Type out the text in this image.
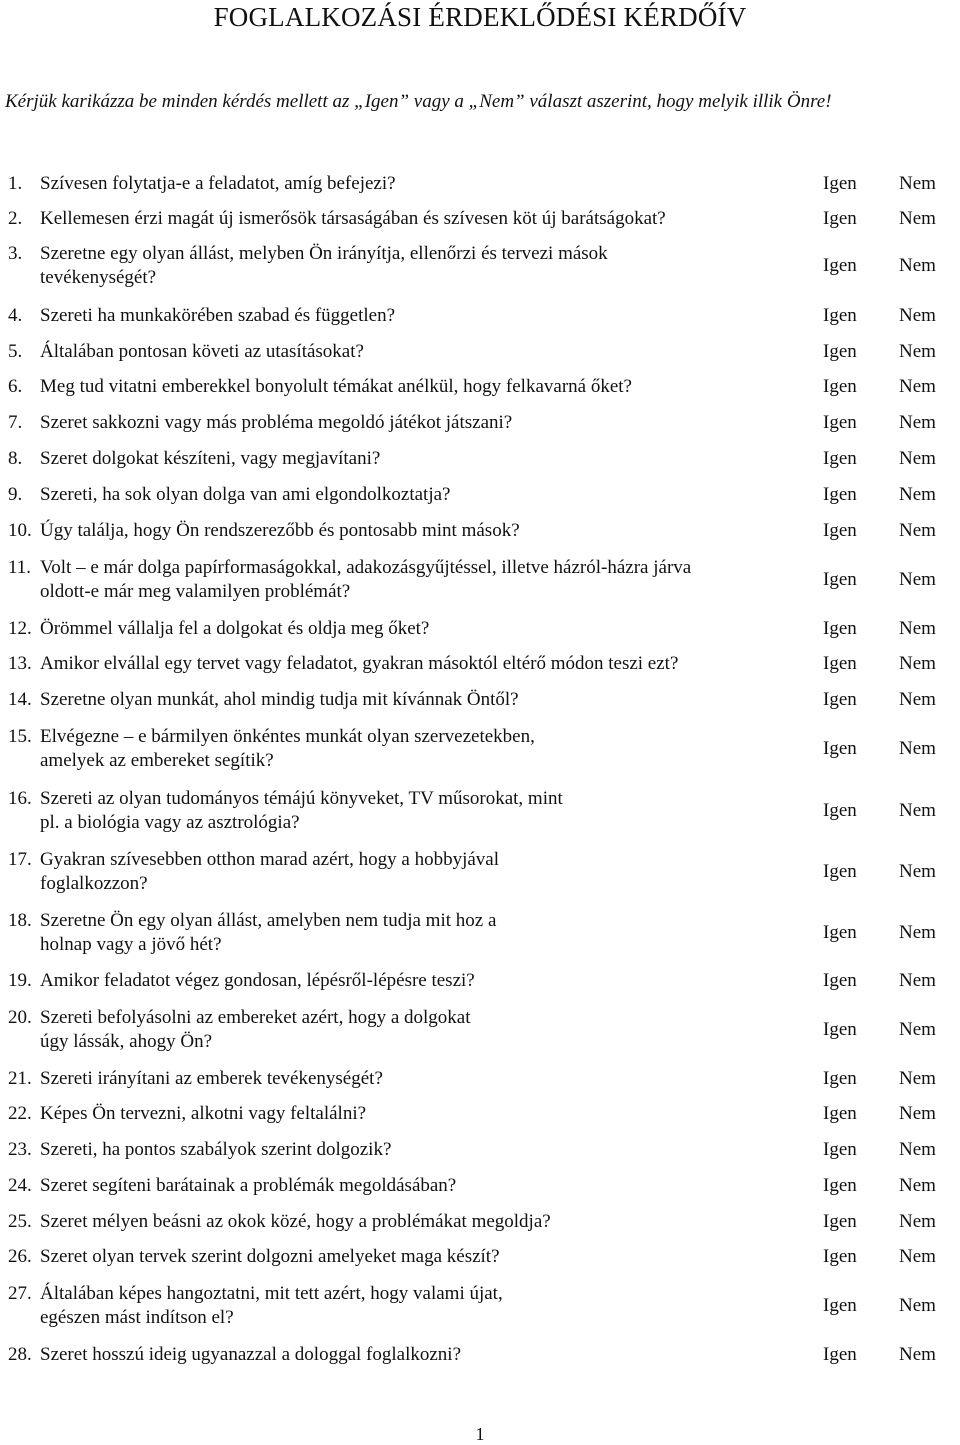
FOGLALKOZÁSI ÉRDEKLŐDÉSI KÉRDŐÍV

Kérjük karikázza be minden kérdés mellett az „Igen” vagy a „Nem” választ aszerint, hogy melyik illik Önre!

1. Szívesen folytatja-e a feladatot, amíg befejezi?	Igen Nem
2. Kellemesen érzi magát új ismerősök társaságában és szívesen köt új barátságokat?	Igen Nem
3. Szeretne egy olyan állást, melyben Ön irányítja, ellenőrzi és tervezi mások
tevékenységét?
Igen Nem
4. Szereti ha munkakörében szabad és független?	Igen Nem
5. Általában pontosan követi az utasításokat?	Igen Nem
6. Meg tud vitatni emberekkel bonyolult témákat anélkül, hogy felkavarná őket?	Igen Nem
7. Szeret sakkozni vagy más probléma megoldó játékot játszani?	Igen Nem
8. Szeret dolgokat készíteni, vagy megjavítani?	Igen Nem
9. Szereti, ha sok olyan dolga van ami elgondolkoztatja?	Igen Nem
10. Úgy találja, hogy Ön rendszerezőbb és pontosabb mint mások?	Igen Nem
11. Volt – e már dolga papírformaságokkal, adakozásgyűjtéssel, illetve házról-házra járva
oldott-e már meg valamilyen problémát?
Igen Nem
12. Örömmel vállalja fel a dolgokat és oldja meg őket?	Igen Nem
13. Amikor elvállal egy tervet vagy feladatot, gyakran másoktól eltérő módon teszi ezt?	Igen Nem
14. Szeretne olyan munkát, ahol mindig tudja mit kívánnak Öntől?	Igen Nem
15. Elvégezne – e bármilyen önkéntes munkát olyan szervezetekben,
amelyek az embereket segítik?
Igen Nem
16. Szereti az olyan tudományos témájú könyveket, TV műsorokat, mint
pl. a biológia vagy az asztrológia?
Igen Nem
17. Gyakran szívesebben otthon marad azért, hogy a hobbyjával
foglalkozzon?
Igen Nem
18. Szeretne Ön egy olyan állást, amelyben nem tudja mit hoz a
holnap vagy a jövő hét?
Igen Nem
19. Amikor feladatot végez gondosan, lépésről-lépésre teszi?	Igen Nem
20. Szereti befolyásolni az embereket azért, hogy a dolgokat
úgy lássák, ahogy Ön?
Igen Nem
21. Szereti irányítani az emberek tevékenységét?	Igen Nem
22. Képes Ön tervezni, alkotni vagy feltalálni?	Igen Nem
23. Szereti, ha pontos szabályok szerint dolgozik?	Igen Nem
24. Szeret segíteni barátainak a problémák megoldásában?	Igen Nem
25. Szeret mélyen beásni az okok közé, hogy a problémákat megoldja?	Igen Nem
26. Szeret olyan tervek szerint dolgozni amelyeket maga készít?	Igen Nem
27. Általában képes hangoztatni, mit tett azért, hogy valami újat,
egészen mást indítson el?
Igen Nem
28. Szeret hosszú ideig ugyanazzal a dologgal foglalkozni?	Igen Nem
1
